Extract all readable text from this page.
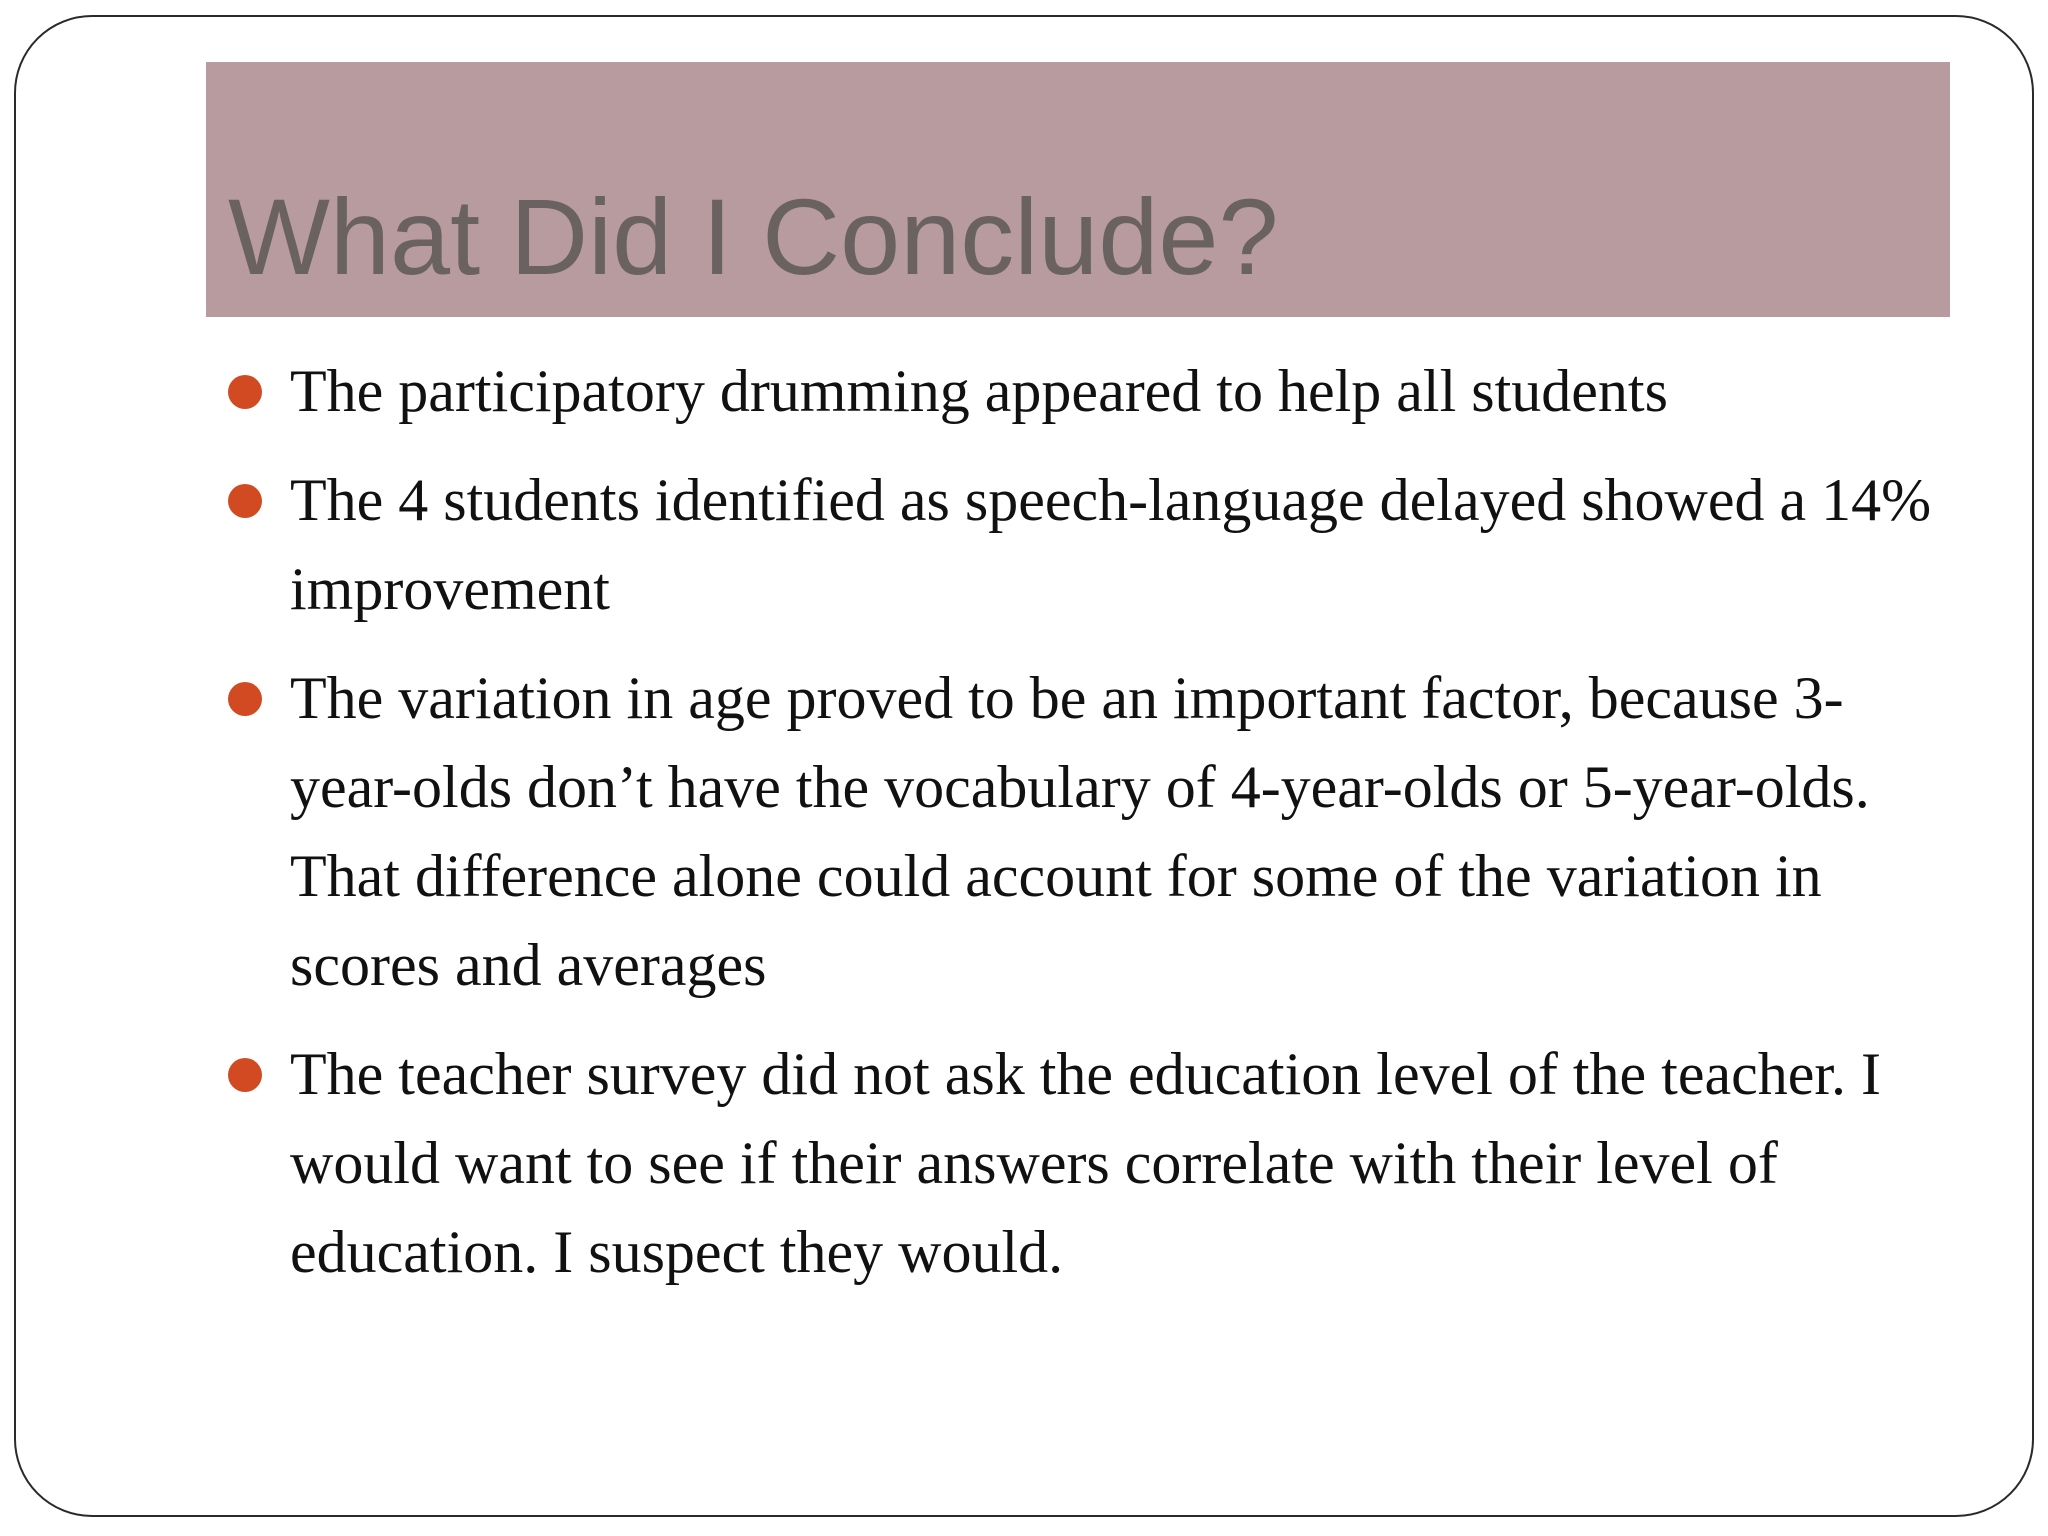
What Did I Conclude?
The participatory drumming appeared to help all students
The 4 students identified as speech-language delayed showed a 14% improvement
The variation in age proved to be an important factor, because 3-year-olds don’t have the vocabulary of 4-year-olds or 5-year-olds. That difference alone could account for some of the variation in scores and averages
The teacher survey did not ask the education level of the teacher. I would want to see if their answers correlate with their level of education. I suspect they would.
